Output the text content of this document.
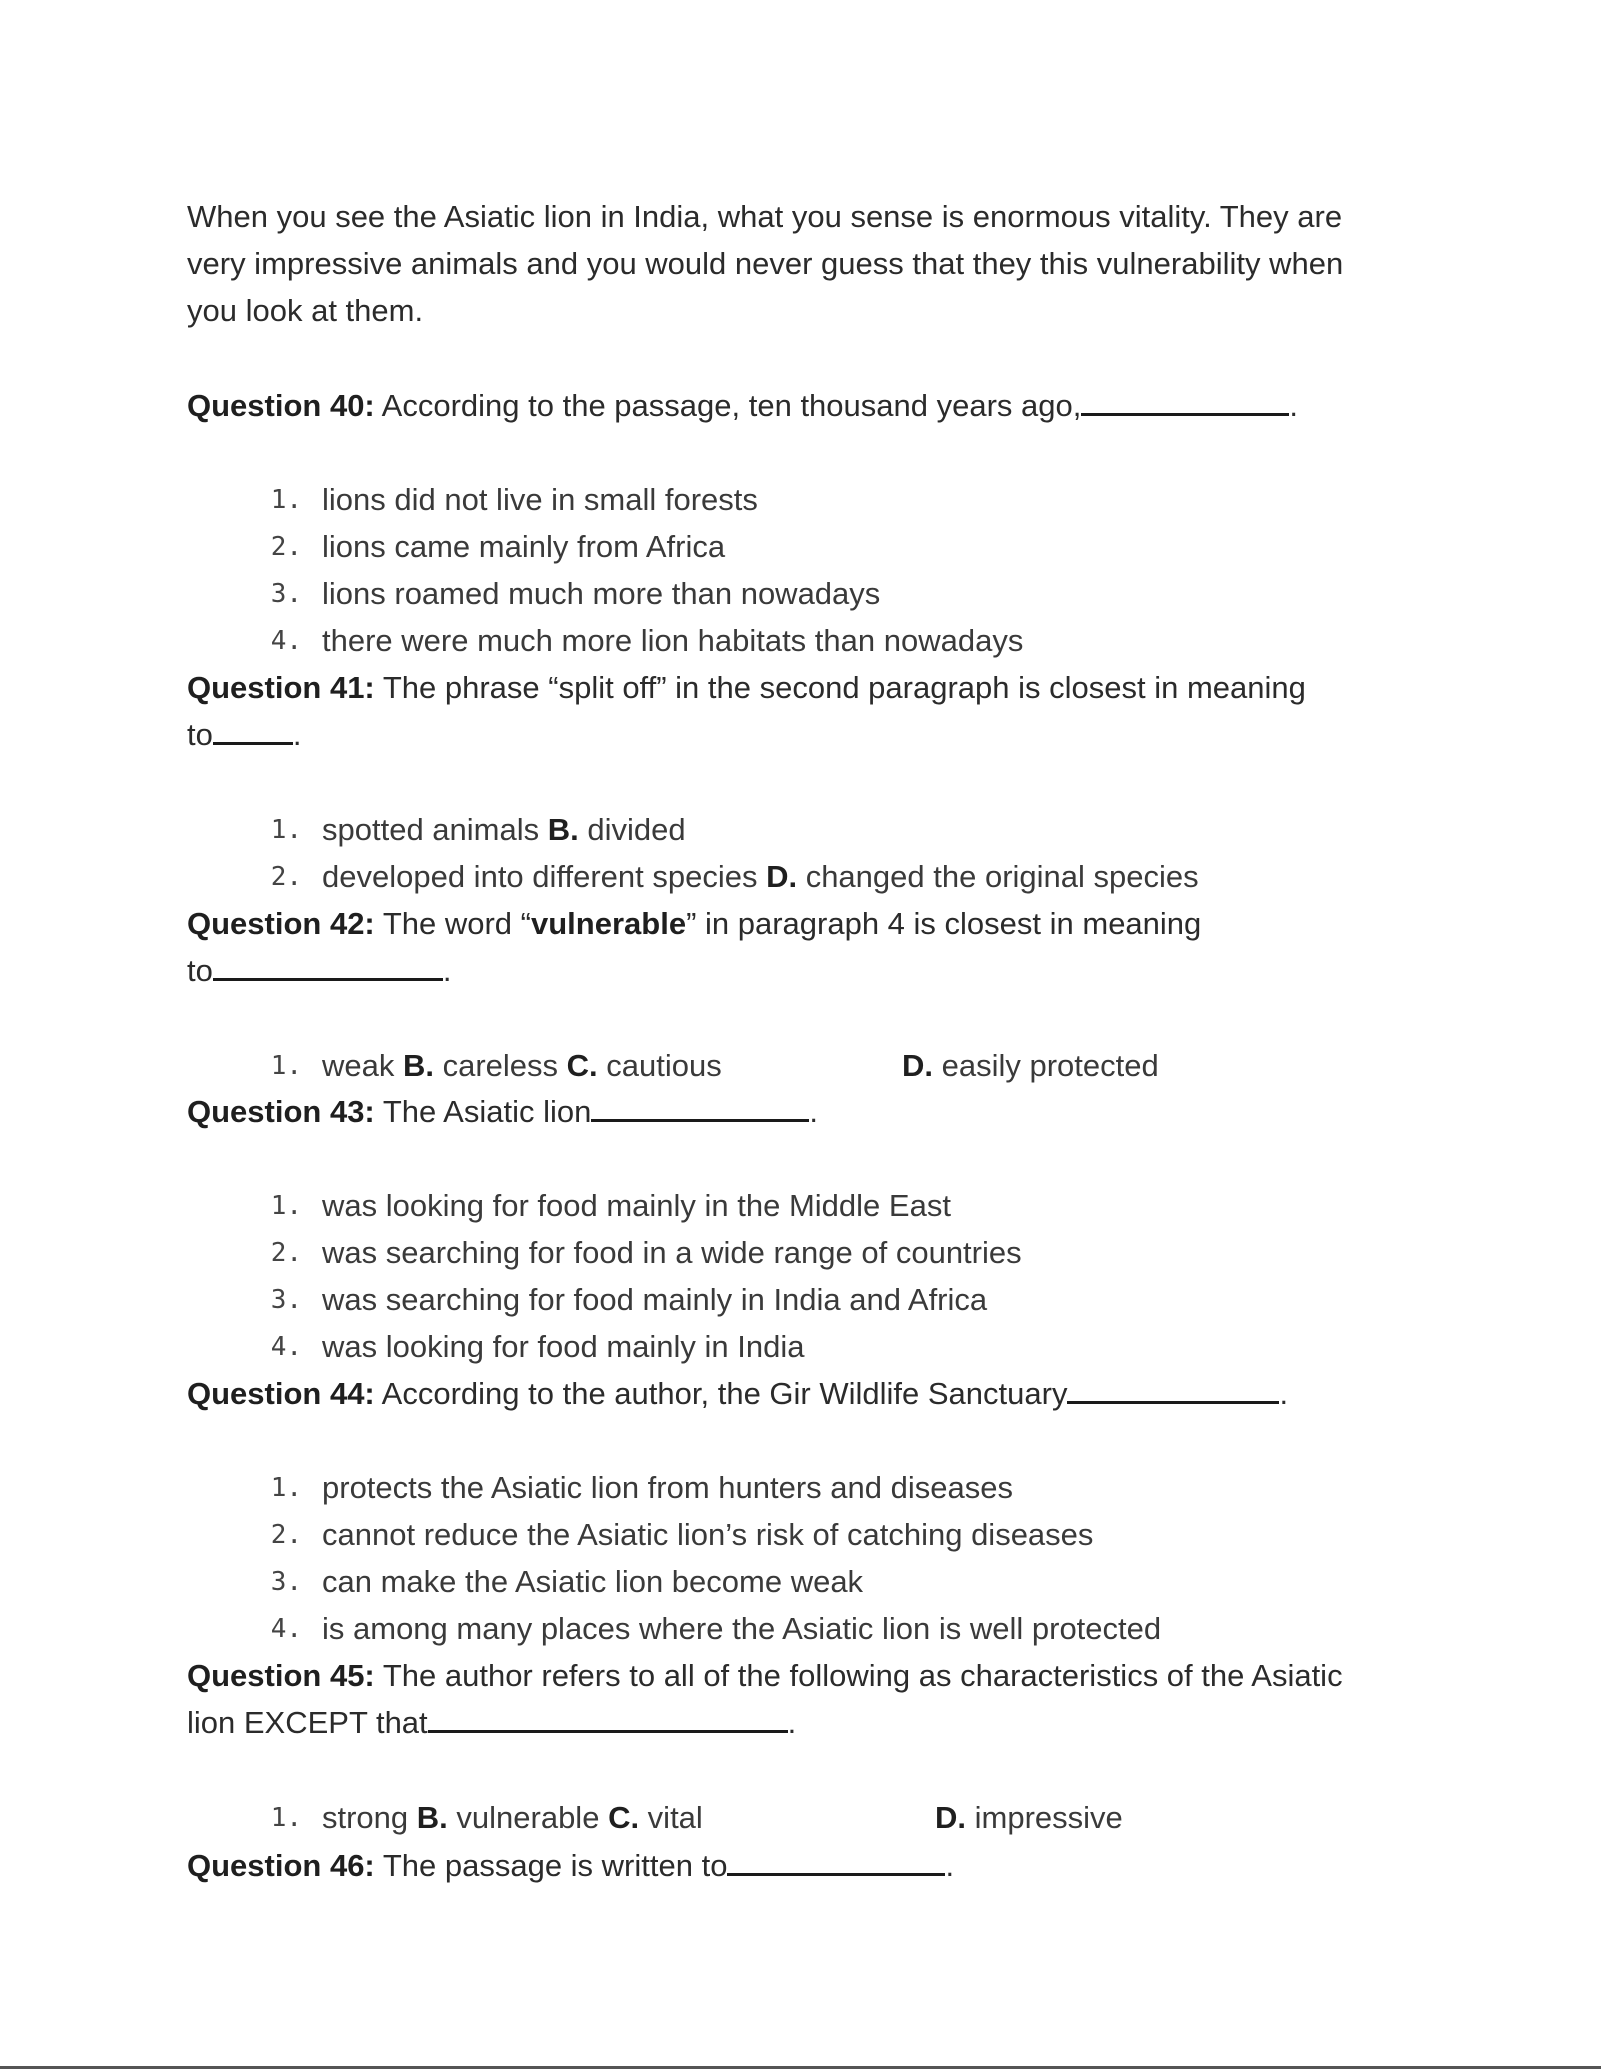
When you see the Asiatic lion in India, what you sense is enormous vitality. They are
very impressive animals and you would never guess that they this vulnerability when
you look at them.
Question 40: According to the passage, ten thousand years ago,	.
1. lions did not live in small forests
2. lions came mainly from Africa
3. lions roamed much more than nowadays
4. there were much more lion habitats than nowadays
Question 41: The phrase “split off” in the second paragraph is closest in meaning
to	.
1. spotted animals B. divided
2. developed into different species D. changed the original species
Question 42: The word “vulnerable” in paragraph 4 is closest in meaning
to	.
1. weak B. careless C. cautious	D. easily protected
Question 43: The Asiatic lion	.
1. was looking for food mainly in the Middle East
2. was searching for food in a wide range of countries
3. was searching for food mainly in India and Africa
4. was looking for food mainly in India
Question 44: According to the author, the Gir Wildlife Sanctuary	.
1. protects the Asiatic lion from hunters and diseases
2. cannot reduce the Asiatic lion’s risk of catching diseases
3. can make the Asiatic lion become weak
4. is among many places where the Asiatic lion is well protected
Question 45: The author refers to all of the following as characteristics of the Asiatic
lion EXCEPT that	.
1. strong B. vulnerable C. vital	D. impressive
Question 46: The passage is written to	.
